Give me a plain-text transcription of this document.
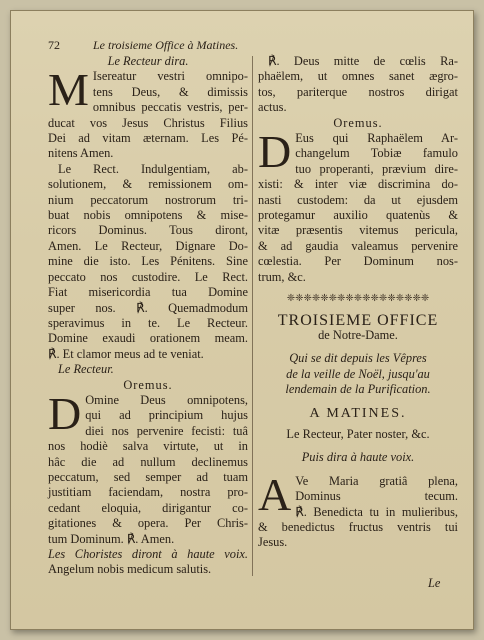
72	Le troisieme Office à Matines.
Le Recteur dira.
M Isereatur vestri omnipo-
tens Deus, & dimissis
omnibus peccatis vestris, per-
ducat vos Jesus Christus Filius
Dei ad vitam æternam. Les Pé-
nitens Amen.
Le Rect. Indulgentiam, ab-
solutionem, & remissionem om-
nium peccatorum nostrorum tri-
buat nobis omnipotens & mise-
ricors Dominus. Tous diront,
Amen. Le Recteur, Dignare Do-
mine die isto. Les Pénitens. Sine
peccato nos custodire. Le Rect.
Fiat misericordia tua Domine
super nos. ℟. Quemadmodum
speravimus in te. Le Recteur.
Domine exaudi orationem meam.
℟. Et clamor meus ad te veniat.
Le Recteur.
Oremus.
D Omine Deus omnipotens,
qui ad principium hujus
diei nos pervenire fecisti: tuâ
nos hodiè salva virtute, ut in
hâc die ad nullum declinemus
peccatum, sed semper ad tuam
justitiam faciendam, nostra pro-
cedant eloquia, dirigantur co-
gitationes & opera. Per Chris-
tum Dominum. ℟. Amen.
Les Choristes diront à haute voix.
Angelum nobis medicum salutis.
℟. Deus mitte de cœlis Ra-
phaëlem, ut omnes sanet ægro-
tos, pariterque nostros dirigat
actus.
Oremus.
D Eus qui Raphaëlem Ar-
changelum Tobiæ famulo
tuo properanti, prævium dire-
xisti: & inter viæ discrimina do-
nasti custodem: da ut ejusdem
protegamur auxilio quatenùs &
vitæ præsentis vitemus pericula,
& ad gaudia valeamus pervenire
cœlestia. Per Dominum nos-
trum, &c.
❈❈❈❈❈❈❈❈❈❈❈❈❈❈❈❈❈
TROISIEME OFFICE
de Notre-Dame.
Qui se dit depuis les Vêpres
de la veille de Noël, jusqu'au
lendemain de la Purification.
A MATINES.
Le Recteur, Pater noster, &c.
Puis dira à haute voix.
A Ve Maria gratiâ plena,
Dominus tecum.
℟. Benedicta tu in mulieribus,
& benedictus fructus ventris tui
Jesus.
Le
